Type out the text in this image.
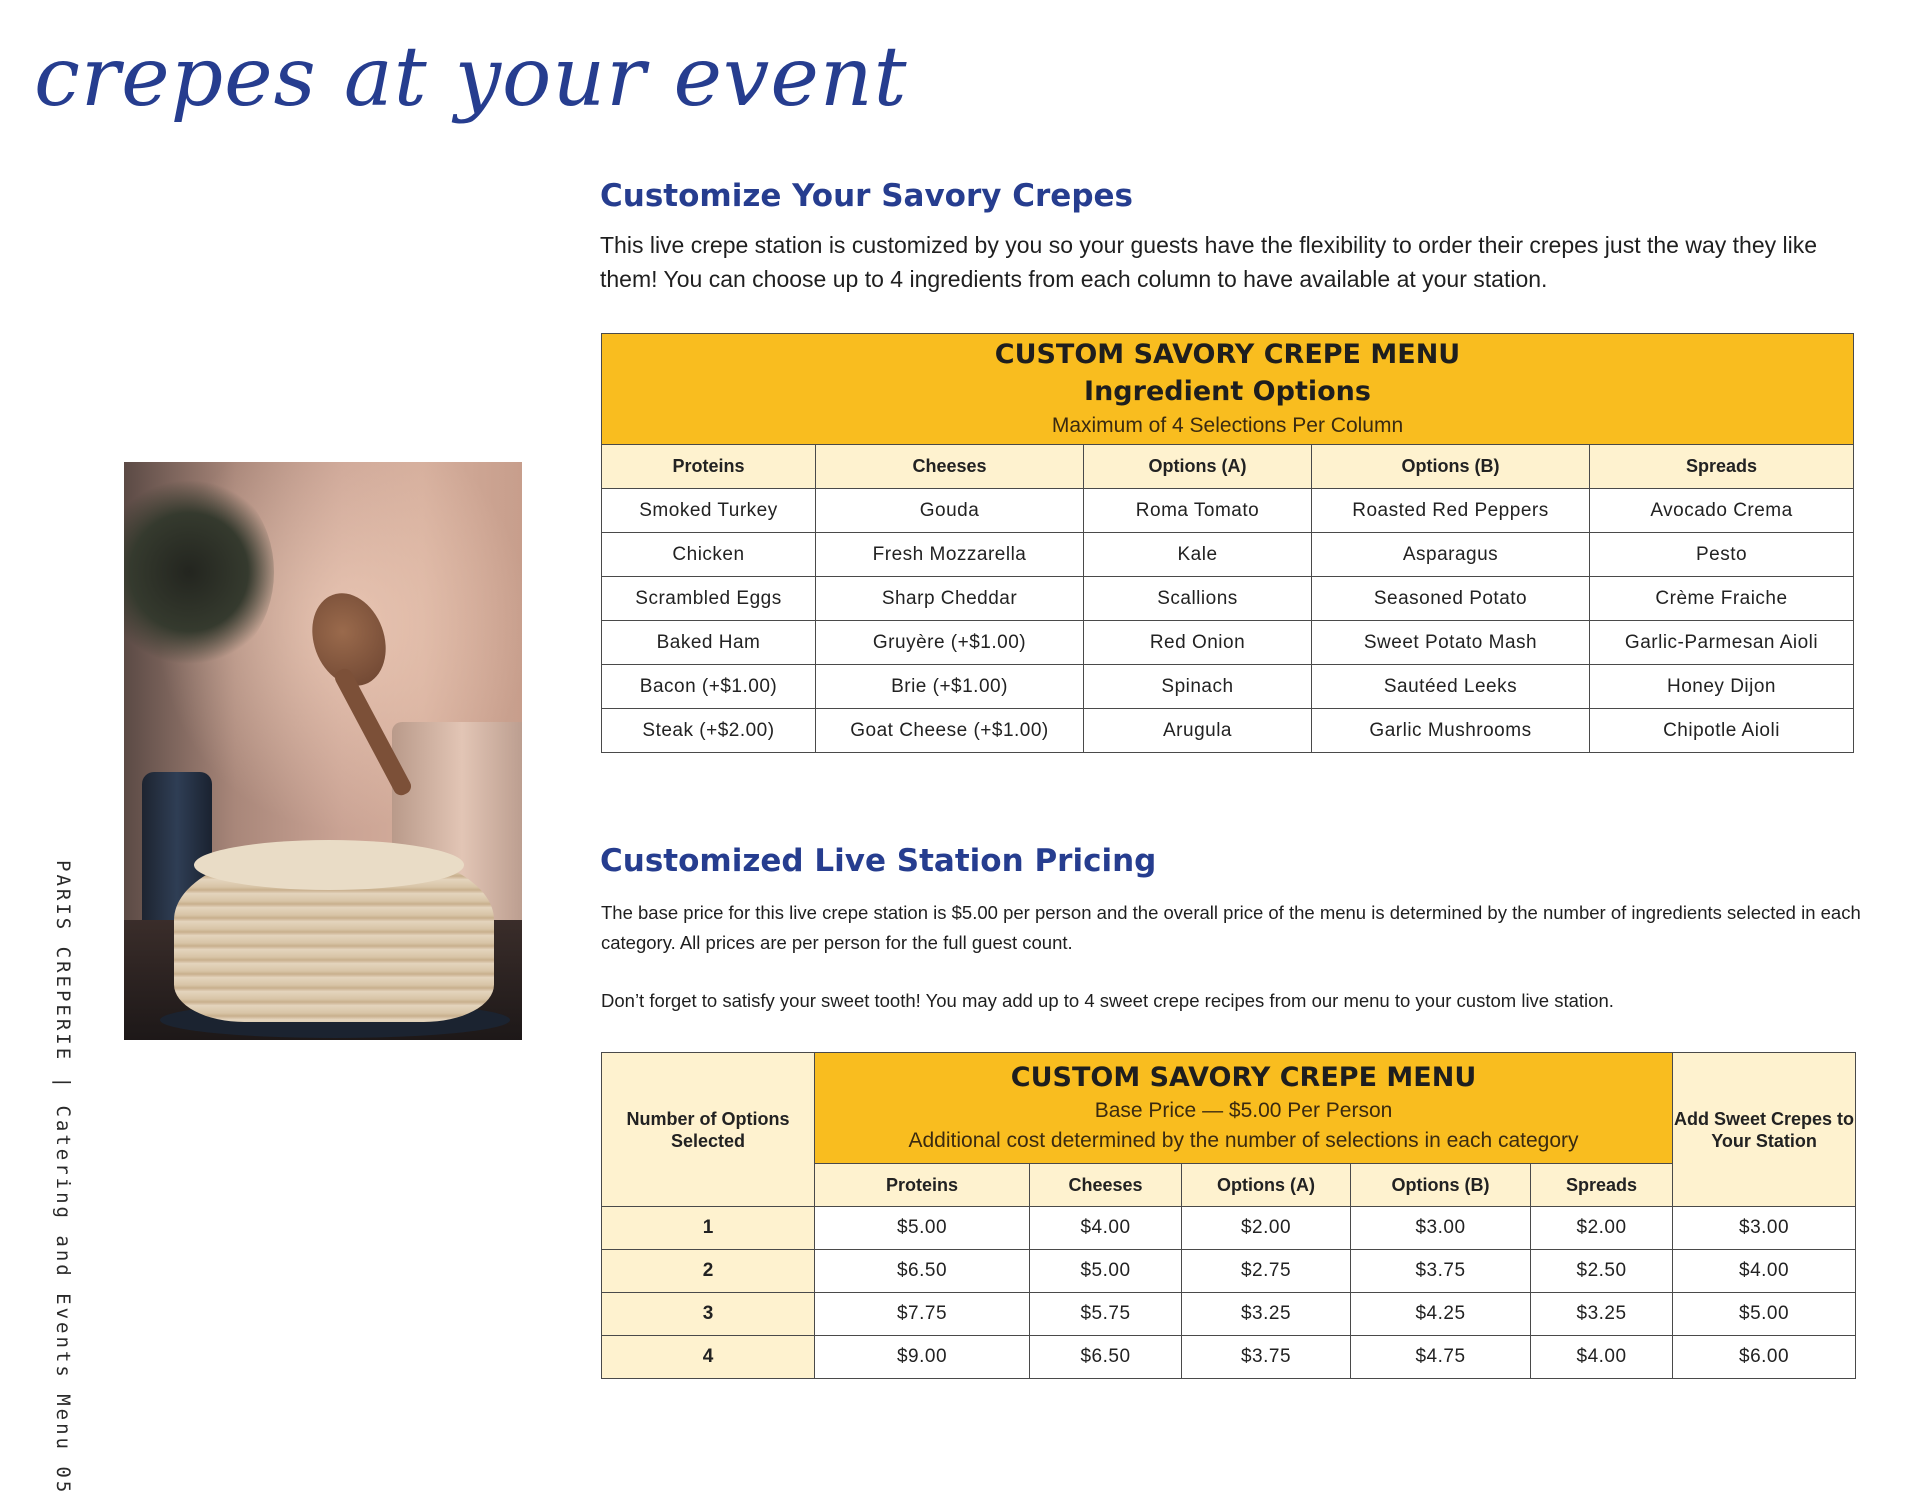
crepes at your event
PARIS CREPERIE | Catering and Events Menu 05
Customize Your Savory Crepes

This live crepe station is customized by you so your guests have the flexibility to order their crepes just the way they like them! You can choose up to 4 ingredients from each column to have available at your station.

CUSTOM SAVORY CREPE MENU
Ingredient Options
Maximum of 4 Selections Per Column				

Proteins	Cheeses	Options (A)	Options (B)	Spreads
Smoked Turkey	Gouda	Roma Tomato	Roasted Red Peppers	Avocado Crema
Chicken	Fresh Mozzarella	Kale	Asparagus	Pesto
Scrambled Eggs	Sharp Cheddar	Scallions	Seasoned Potato	Crème Fraiche
Baked Ham	Gruyère (+$1.00)	Red Onion	Sweet Potato Mash	Garlic-Parmesan Aioli
Bacon (+$1.00)	Brie (+$1.00)	Spinach	Sautéed Leeks	Honey Dijon
Steak (+$2.00)	Goat Cheese (+$1.00)	Arugula	Garlic Mushrooms	Chipotle Aioli
Customized Live Station Pricing

The base price for this live crepe station is $5.00 per person and the overall price of the menu is determined by the number of ingredients selected in each category. All prices are per person for the full guest count.

Don’t forget to satisfy your sweet tooth! You may add up to 4 sweet crepe recipes from our menu to your custom live station.

Number of Options Selected	CUSTOM SAVORY CREPE MENU
Base Price — $5.00 Per Person
Additional cost determined by the number of selections in each category					Add Sweet Crepes to Your Station
	Proteins	Cheeses	Options (A)	Options (B)	Spreads	
1	$5.00	$4.00	$2.00	$3.00	$2.00	$3.00
2	$6.50	$5.00	$2.75	$3.75	$2.50	$4.00
3	$7.75	$5.75	$3.25	$4.25	$3.25	$5.00
4	$9.00	$6.50	$3.75	$4.75	$4.00	$6.00
